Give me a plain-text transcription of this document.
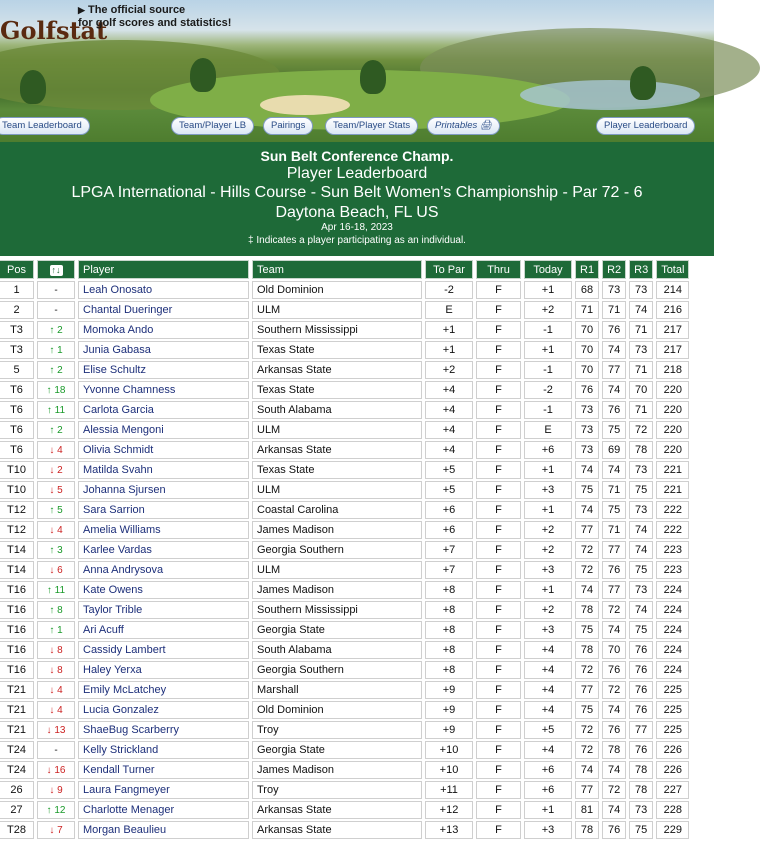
Golfstat
▶ The official source
for golf scores and statistics!
Team Leaderboard	Team/Player LB	Pairings	Team/Player Stats	Printables 🖨	Player Leaderboard
Sun Belt Conference Champ.
Player Leaderboard
LPGA International - Hills Course - Sun Belt Women's Championship - Par 72 - 6
Daytona Beach, FL US
Apr 16-18, 2023
‡ Indicates a player participating as an individual.
Pos	↑↓	Player	Team	To Par	Thru	Today	R1	R2	R3	Total
1	-	Leah Onosato	Old Dominion	-2	F	+1	68	73	73	214
2	-	Chantal Dueringer	ULM	E	F	+2	71	71	74	216
T3	↑ 2	Momoka Ando	Southern Mississippi	+1	F	-1	70	76	71	217
T3	↑ 1	Junia Gabasa	Texas State	+1	F	+1	70	74	73	217
5	↑ 2	Elise Schultz	Arkansas State	+2	F	-1	70	77	71	218
T6	↑ 18	Yvonne Chamness	Texas State	+4	F	-2	76	74	70	220
T6	↑ 11	Carlota Garcia	South Alabama	+4	F	-1	73	76	71	220
T6	↑ 2	Alessia Mengoni	ULM	+4	F	E	73	75	72	220
T6	↓ 4	Olivia Schmidt	Arkansas State	+4	F	+6	73	69	78	220
T10	↓ 2	Matilda Svahn	Texas State	+5	F	+1	74	74	73	221
T10	↓ 5	Johanna Sjursen	ULM	+5	F	+3	75	71	75	221
T12	↑ 5	Sara Sarrion	Coastal Carolina	+6	F	+1	74	75	73	222
T12	↓ 4	Amelia Williams	James Madison	+6	F	+2	77	71	74	222
T14	↑ 3	Karlee Vardas	Georgia Southern	+7	F	+2	72	77	74	223
T14	↓ 6	Anna Andrysova	ULM	+7	F	+3	72	76	75	223
T16	↑ 11	Kate Owens	James Madison	+8	F	+1	74	77	73	224
T16	↑ 8	Taylor Trible	Southern Mississippi	+8	F	+2	78	72	74	224
T16	↑ 1	Ari Acuff	Georgia State	+8	F	+3	75	74	75	224
T16	↓ 8	Cassidy Lambert	South Alabama	+8	F	+4	78	70	76	224
T16	↓ 8	Haley Yerxa	Georgia Southern	+8	F	+4	72	76	76	224
T21	↓ 4	Emily McLatchey	Marshall	+9	F	+4	77	72	76	225
T21	↓ 4	Lucia Gonzalez	Old Dominion	+9	F	+4	75	74	76	225
T21	↓ 13	ShaeBug Scarberry	Troy	+9	F	+5	72	76	77	225
T24	-	Kelly Strickland	Georgia State	+10	F	+4	72	78	76	226
T24	↓ 16	Kendall Turner	James Madison	+10	F	+6	74	74	78	226
26	↓ 9	Laura Fangmeyer	Troy	+11	F	+6	77	72	78	227
27	↑ 12	Charlotte Menager	Arkansas State	+12	F	+1	81	74	73	228
T28	↓ 7	Morgan Beaulieu	Arkansas State	+13	F	+3	78	76	75	229
